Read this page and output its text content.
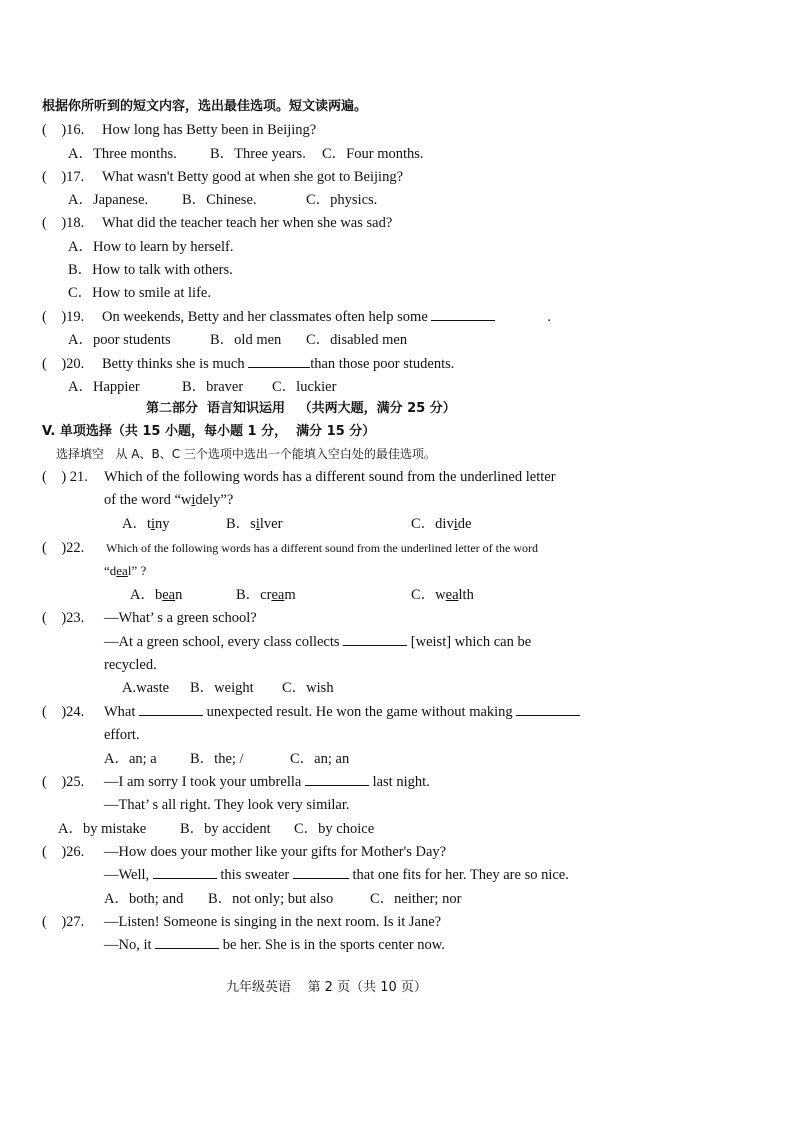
根据你所听到的短文内容，选出最佳选项。短文读两遍。
(    )16. How long has Betty been in Beijing?
A．Three months. B．Three years. C．Four months.
(    )17. What wasn't Betty good at when she got to Beijing?
A．Japanese. B．Chinese.	C．physics.
(    )18. What did the teacher teach her when she was sad?
A．How to learn by herself.
B．How to talk with others.
C．How to smile at life.
(    )19. On weekends, Betty and her classmates often help some	.
A．poor students	B．old men C．disabled men
(    )20. Betty thinks she is much	than those poor students.
A．Happier	B．braver C．luckier
第二部分  语言知识运用   （共两大题，满分 25 分）
V. 单项选择（共 15 小题，每小题 1 分，  满分 15 分）
选择填空   从 A、B、C 三个选项中选出一个能填入空白处的最佳选项。
(    ) 21. Which of the following words has a different sound from the underlined letter
of the word “widely”?
A．tiny	B．silver	C．divide
(    )22. Which of the following words has a different sound from the underlined letter of the word
“deal” ?
A．bean	B．cream	C．wealth
(    )23. —What’ s a green school?
—At a green school, every class collects	[weist] which can be
recycled.
A.waste B．weight C．wish
(    )24. What	unexpected result. He won the game without making
effort.
A．an; a B．the; /	C．an; an
(    )25. —I am sorry I took your umbrella	last night.
—That’ s all right. They look very similar.
A．by mistake B．by accident C．by choice
(    )26. —How does your mother like your gifts for Mother's Day?
—Well,	this sweater	that one fits for her. They are so nice.
A．both; and B．not only; but also	C．neither; nor
(    )27. —Listen! Someone is singing in the next room. Is it Jane?
—No, it	be her. She is in the sports center now.
九年级英语    第 2 页（共 10 页）
